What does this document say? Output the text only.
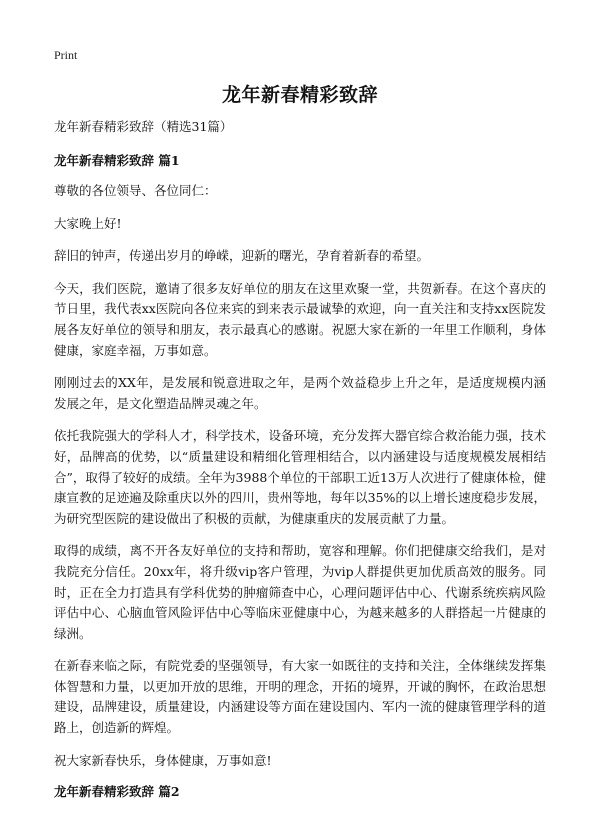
Print
龙年新春精彩致辞
龙年新春精彩致辞（精选31篇）
龙年新春精彩致辞 篇1

尊敬的各位领导、各位同仁：

大家晚上好!

辞旧的钟声，传递出岁月的峥嵘，迎新的曙光，孕育着新春的希望。

今天，我们医院，邀请了很多友好单位的朋友在这里欢聚一堂，共贺新春。在这个喜庆的节日里，我代表xx医院向各位来宾的到来表示最诚挚的欢迎，向一直关注和支持xx医院发展各友好单位的领导和朋友，表示最真心的感谢。祝愿大家在新的一年里工作顺利，身体健康，家庭幸福，万事如意。

刚刚过去的XX年，是发展和锐意进取之年，是两个效益稳步上升之年，是适度规模内涵发展之年，是文化塑造品牌灵魂之年。

依托我院强大的学科人才，科学技术，设备环境，充分发挥大器官综合救治能力强，技术好，品牌高的优势，以“质量建设和精细化管理相结合，以内涵建设与适度规模发展相结合”，取得了较好的成绩。全年为3988个单位的干部职工近13万人次进行了健康体检，健康宣教的足迹遍及除重庆以外的四川，贵州等地，每年以35%的以上增长速度稳步发展，为研究型医院的建设做出了积极的贡献，为健康重庆的发展贡献了力量。

取得的成绩，离不开各友好单位的支持和帮助，宽容和理解。你们把健康交给我们，是对我院充分信任。20xx年，将升级vip客户管理，为vip人群提供更加优质高效的服务。同时，正在全力打造具有学科优势的肿瘤筛查中心，心理问题评估中心、代谢系统疾病风险评估中心、心脑血管风险评估中心等临床亚健康中心，为越来越多的人群搭起一片健康的绿洲。

在新春来临之际，有院党委的坚强领导，有大家一如既往的支持和关注，全体继续发挥集体智慧和力量，以更加开放的思维，开明的理念，开拓的境界，开诚的胸怀，在政治思想建设，品牌建设，质量建设，内涵建设等方面在建设国内、军内一流的健康管理学科的道路上，创造新的辉煌。

祝大家新春快乐，身体健康，万事如意!

龙年新春精彩致辞 篇2
